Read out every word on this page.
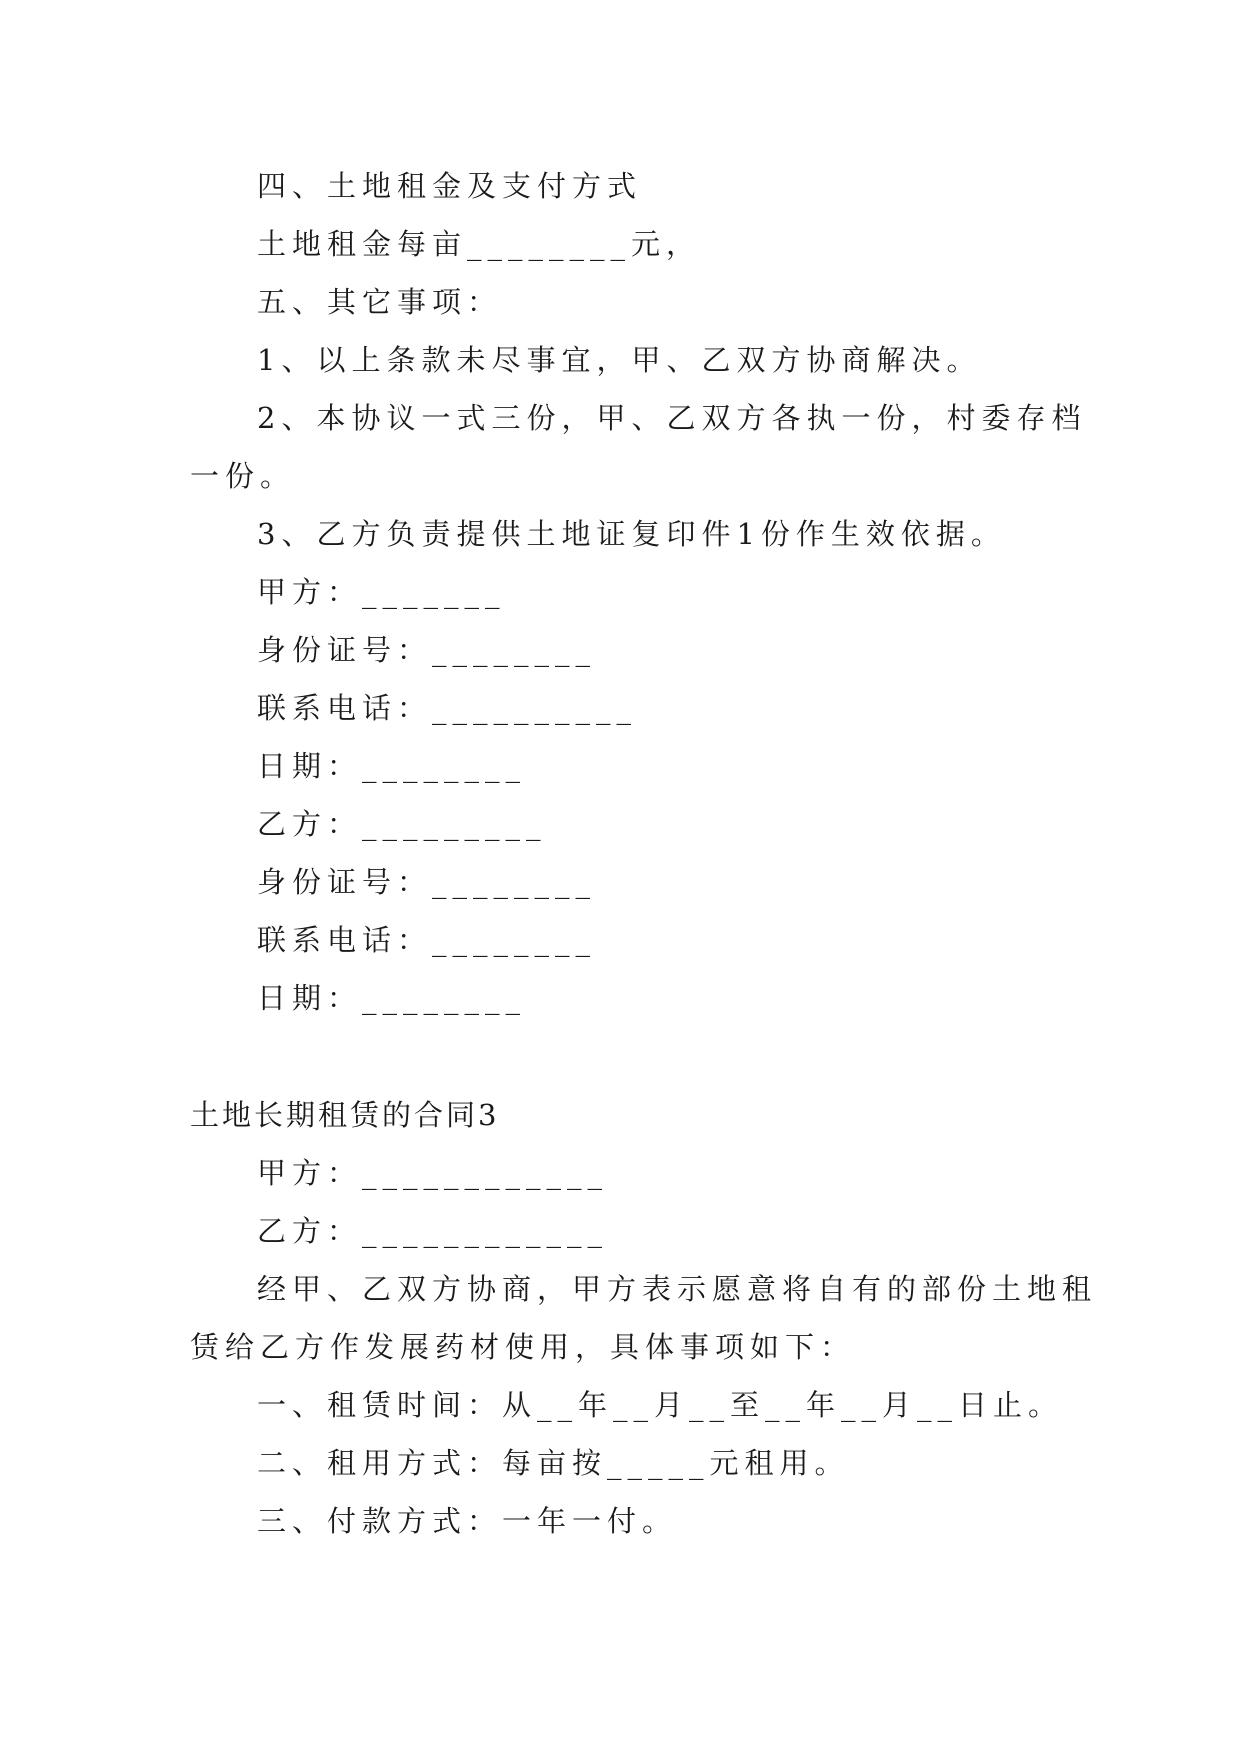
四、土地租金及支付方式
土地租金每亩________元，
五、其它事项：
1、以上条款未尽事宜，甲、乙双方协商解决。
2、本协议一式三份，甲、乙双方各执一份，村委存档
一份。
3、乙方负责提供土地证复印件1份作生效依据。
甲方：_______
身份证号：________
联系电话：__________
日期：________
乙方：_________
身份证号：________
联系电话：________
日期：________
土地长期租赁的合同3
甲方：____________
乙方：____________
经甲、乙双方协商，甲方表示愿意将自有的部份土地租
赁给乙方作发展药材使用，具体事项如下：
一、租赁时间：从__年__月__至__年__月__日止。
二、租用方式：每亩按_____元租用。
三、付款方式：一年一付。
